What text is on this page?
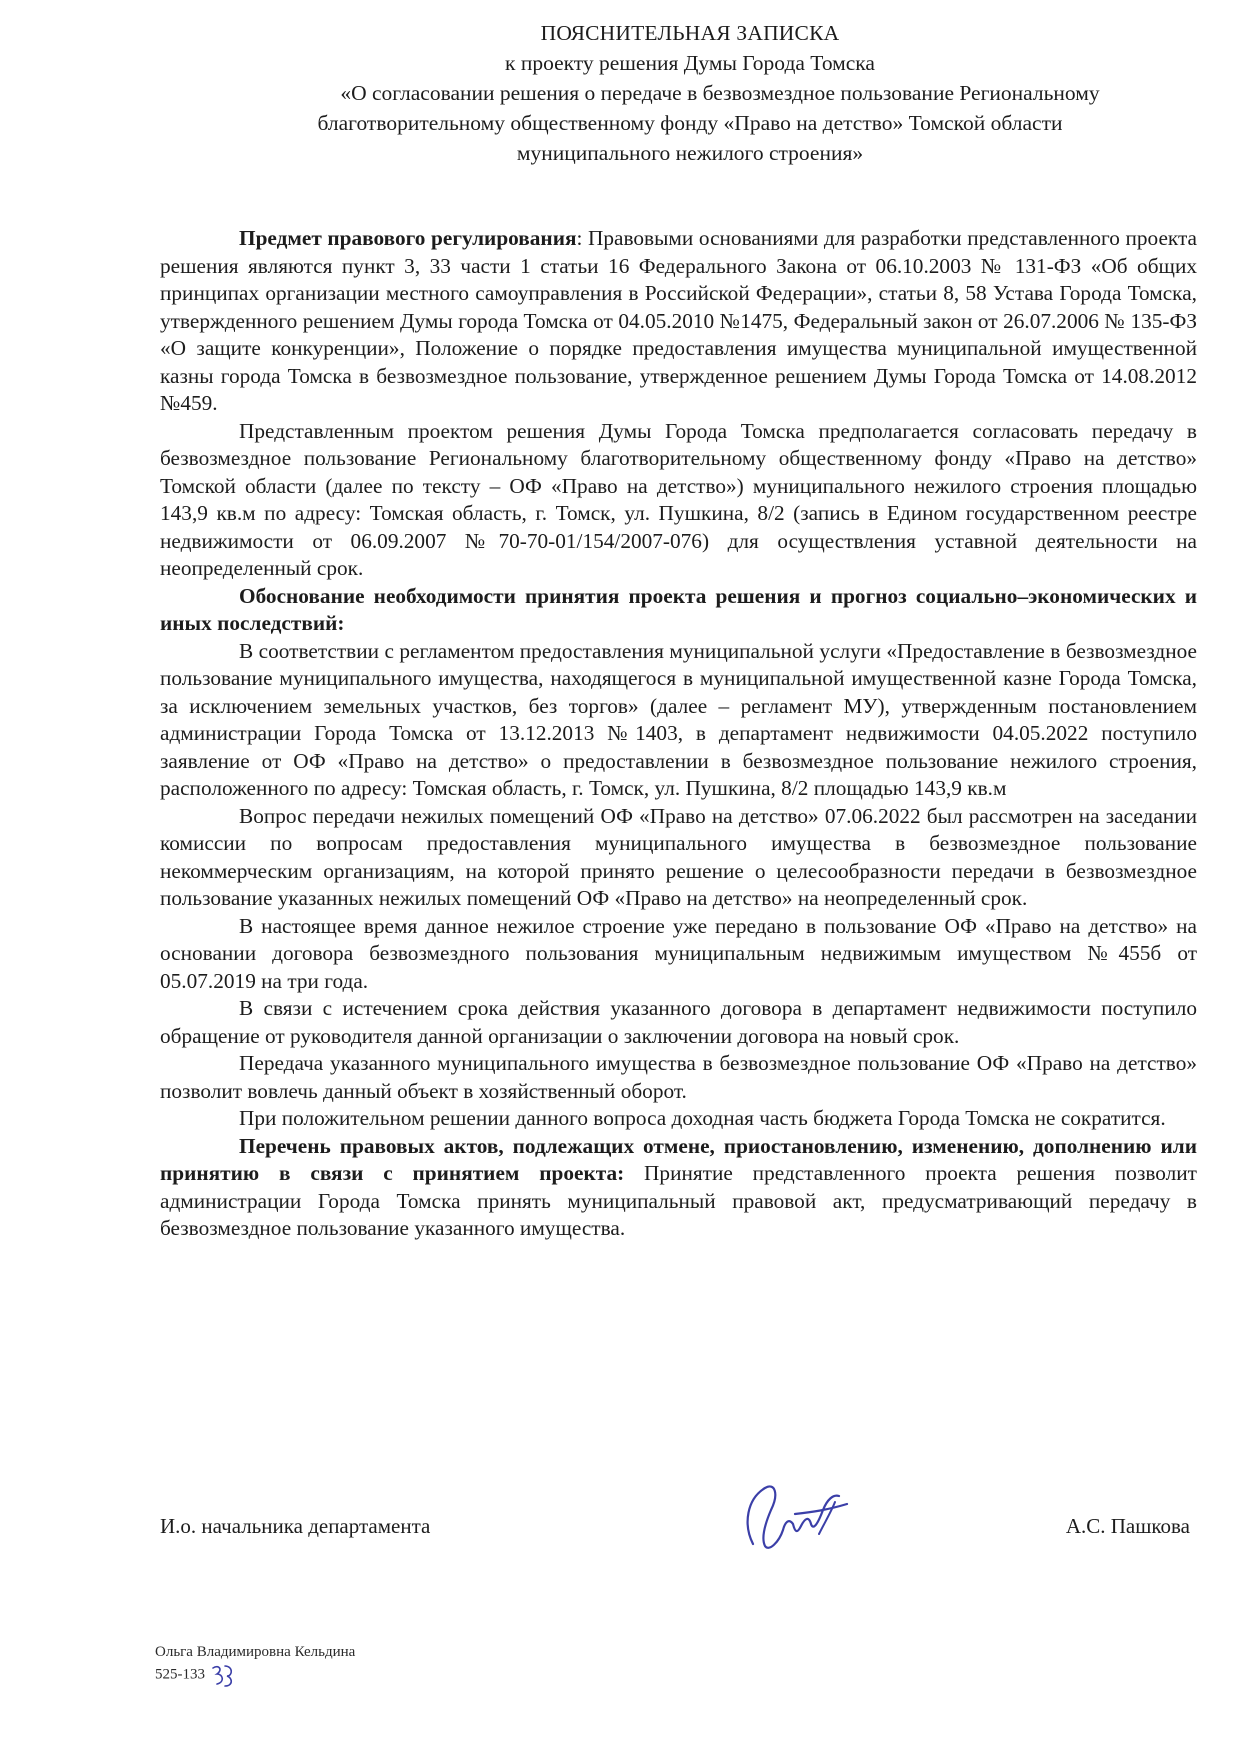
ПОЯСНИТЕЛЬНАЯ ЗАПИСКА
к проекту решения Думы Города Томска
«О согласовании решения о передаче в безвозмездное пользование Региональному
благотворительному общественному фонду «Право на детство» Томской области
муниципального нежилого строения»

Предмет правового регулирования: Правовыми основаниями для разработки представленного проекта решения являются пункт 3, 33 части 1 статьи 16 Федерального Закона от 06.10.2003 № 131-ФЗ «Об общих принципах организации местного самоуправления в Российской Федерации», статьи 8, 58 Устава Города Томска, утвержденного решением Думы города Томска от 04.05.2010 №1475, Федеральный закон от 26.07.2006 № 135-ФЗ «О защите конкуренции», Положение о порядке предоставления имущества муниципальной имущественной казны города Томска в безвозмездное пользование, утвержденное решением Думы Города Томска от 14.08.2012 №459.

Представленным проектом решения Думы Города Томска предполагается согласовать передачу в безвозмездное пользование Региональному благотворительному общественному фонду «Право на детство» Томской области (далее по тексту – ОФ «Право на детство») муниципального нежилого строения площадью 143,9 кв.м по адресу: Томская область, г. Томск, ул. Пушкина, 8/2 (запись в Едином государственном реестре недвижимости от 06.09.2007 №70-70-01/154/2007-076) для осуществления уставной деятельности на неопределенный срок.

Обоснование необходимости принятия проекта решения и прогноз социально–экономических и иных последствий:

В соответствии с регламентом предоставления муниципальной услуги «Предоставление в безвозмездное пользование муниципального имущества, находящегося в муниципальной имущественной казне Города Томска, за исключением земельных участков, без торгов» (далее – регламент МУ), утвержденным постановлением администрации Города Томска от 13.12.2013 №1403, в департамент недвижимости 04.05.2022 поступило заявление от ОФ «Право на детство» о предоставлении в безвозмездное пользование нежилого строения, расположенного по адресу: Томская область, г. Томск, ул. Пушкина, 8/2 площадью 143,9 кв.м

Вопрос передачи нежилых помещений ОФ «Право на детство» 07.06.2022 был рассмотрен на заседании комиссии по вопросам предоставления муниципального имущества в безвозмездное пользование некоммерческим организациям, на которой принято решение о целесообразности передачи в безвозмездное пользование указанных нежилых помещений ОФ «Право на детство» на неопределенный срок.

В настоящее время данное нежилое строение уже передано в пользование ОФ «Право на детство» на основании договора безвозмездного пользования муниципальным недвижимым имуществом №455б от 05.07.2019 на три года.

В связи с истечением срока действия указанного договора в департамент недвижимости поступило обращение от руководителя данной организации о заключении договора на новый срок.

Передача указанного муниципального имущества в безвозмездное пользование ОФ «Право на детство» позволит вовлечь данный объект в хозяйственный оборот.

При положительном решении данного вопроса доходная часть бюджета Города Томска не сократится.

Перечень правовых актов, подлежащих отмене, приостановлению, изменению, дополнению или принятию в связи с принятием проекта: Принятие представленного проекта решения позволит администрации Города Томска принять муниципальный правовой акт, предусматривающий передачу в безвозмездное пользование указанного имущества.

И.о. начальника департамента	А.С. Пашкова
Ольга Владимировна Кельдина
525-133
